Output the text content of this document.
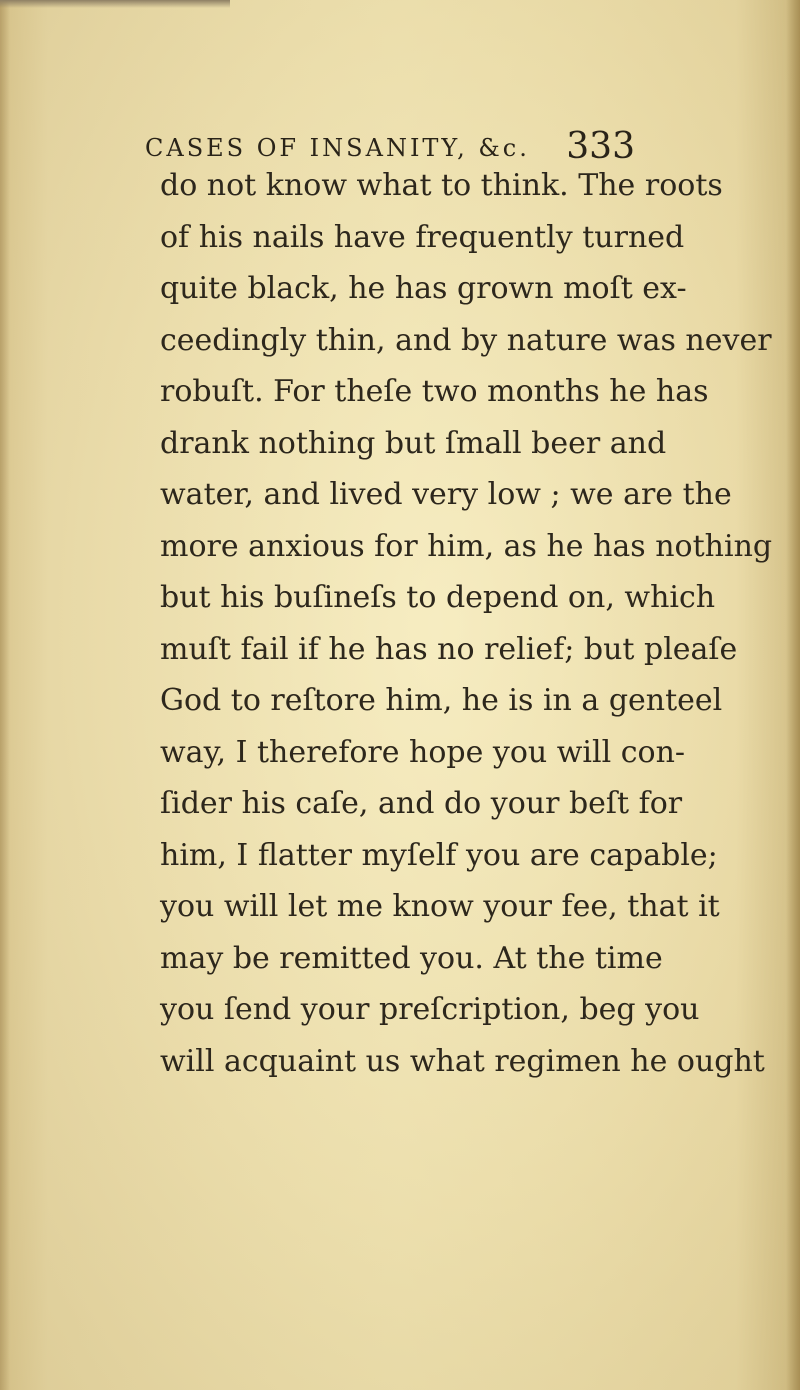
CASES OF INSANITY, &c. 333
do not know what to think. The roots
of his nails have frequently turned
quite black, he has grown moſt ex-
ceedingly thin, and by nature was never
robuſt. For theſe two months he has
drank nothing but ſmall beer and
water, and lived very low ; we are the
more anxious for him, as he has nothing
but his buſineſs to depend on, which
muſt fail if he has no relief; but pleaſe
God to reſtore him, he is in a genteel
way, I therefore hope you will con-
ſider his caſe, and do your beſt for
him, I flatter myſelf you are capable;
you will let me know your fee, that it
may be remitted you. At the time
you ſend your preſcription, beg you
will acquaint us what regimen he ought
